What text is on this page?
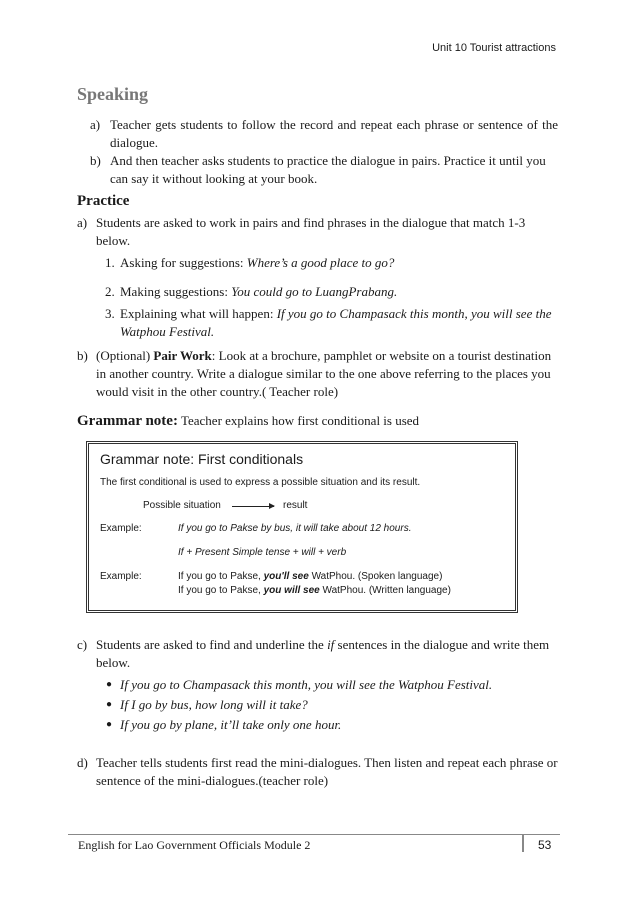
Unit 10 Tourist attractions
Speaking
a) Teacher gets students to follow the record and repeat each phrase or sentence of the dialogue.
b) And then teacher asks students to practice the dialogue in pairs. Practice it until you can say it without looking at your book.
Practice
a) Students are asked to work in pairs and find phrases in the dialogue that match 1-3 below.
1. Asking for suggestions: Where’s a good place to go?
2. Making suggestions: You could go to LuangPrabang.
3. Explaining what will happen: If you go to Champasack this month, you will see the Watphou Festival.
b) (Optional) Pair Work: Look at a brochure, pamphlet or website on a tourist destination in another country. Write a dialogue similar to the one above referring to the places you would visit in the other country.( Teacher role)
Grammar note: Teacher explains how first conditional is used
Grammar note: First conditionals
The first conditional is used to express a possible situation and its result.
Possible situation	result
Example:	If you go to Pakse by bus, it will take about 12 hours.
If + Present Simple tense + will + verb
Example:	If you go to Pakse, you'll see WatPhou. (Spoken language)
If you go to Pakse, you will see WatPhou. (Written language)
c) Students are asked to find and underline the if sentences in the dialogue and write them below.
● If you go to Champasack this month, you will see the Watphou Festival.
● If I go by bus, how long will it take?
● If you go by plane, it’ll take only one hour.
d) Teacher tells students first read the mini-dialogues. Then listen and repeat each phrase or sentence of the mini-dialogues.(teacher role)
English for Lao Government Officials Module 2	53
